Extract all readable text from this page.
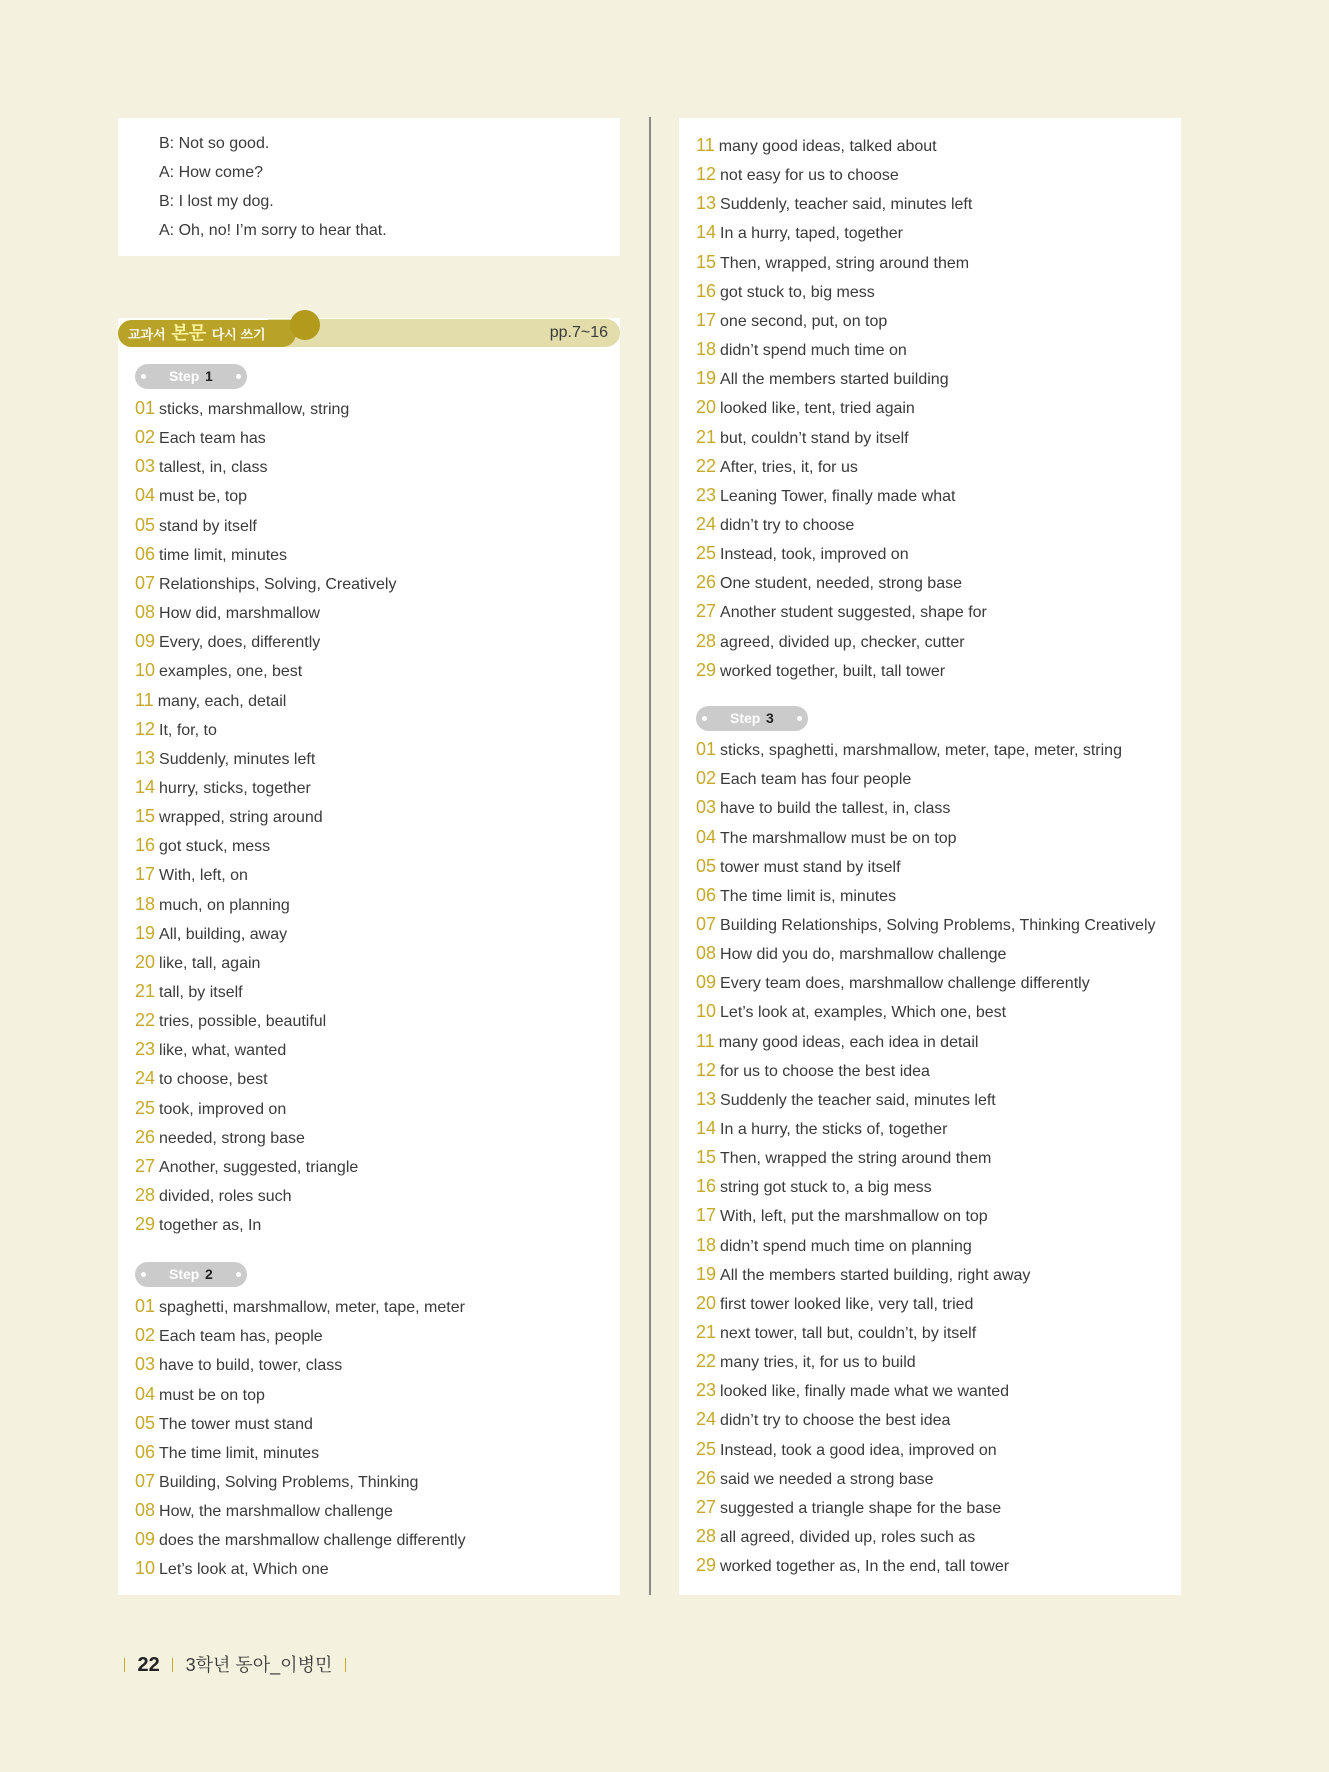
B: Not so good.
A: How come?
B: I lost my dog.
A: Oh, no! I’m sorry to hear that.
교과서 본문 다시 쓰기	pp.7~16
01 sticks, marshmallow, string
02 Each team has
03 tallest, in, class
04 must be, top
05 stand by itself
06 time limit, minutes
07 Relationships, Solving, Creatively
08 How did, marshmallow
09 Every, does, differently
10 examples, one, best
11 many, each, detail
12 It, for, to
13 Suddenly, minutes left
14 hurry, sticks, together
15 wrapped, string around
16 got stuck, mess
17 With, left, on
18 much, on planning
19 All, building, away
20 like, tall, again
21 tall, by itself
22 tries, possible, beautiful
23 like, what, wanted
24 to choose, best
25 took, improved on
26 needed, strong base
27 Another, suggested, triangle
28 divided, roles such
29 together as, In
01 spaghetti, marshmallow, meter, tape, meter
02 Each team has, people
03 have to build, tower, class
04 must be on top
05 The tower must stand
06 The time limit, minutes
07 Building, Solving Problems, Thinking
08 How, the marshmallow challenge
09 does the marshmallow challenge differently
10 Let’s look at, Which one
11 many good ideas, talked about
12 not easy for us to choose
13 Suddenly, teacher said, minutes left
14 In a hurry, taped, together
15 Then, wrapped, string around them
16 got stuck to, big mess
17 one second, put, on top
18 didn’t spend much time on
19 All the members started building
20 looked like, tent, tried again
21 but, couldn’t stand by itself
22 After, tries, it, for us
23 Leaning Tower, finally made what
24 didn’t try to choose
25 Instead, took, improved on
26 One student, needed, strong base
27 Another student suggested, shape for
28 agreed, divided up, checker, cutter
29 worked together, built, tall tower
01 sticks, spaghetti, marshmallow, meter, tape, meter, string
02 Each team has four people
03 have to build the tallest, in, class
04 The marshmallow must be on top
05 tower must stand by itself
06 The time limit is, minutes
07 Building Relationships, Solving Problems, Thinking Creatively
08 How did you do, marshmallow challenge
09 Every team does, marshmallow challenge differently
10 Let’s look at, examples, Which one, best
11 many good ideas, each idea in detail
12 for us to choose the best idea
13 Suddenly the teacher said, minutes left
14 In a hurry, the sticks of, together
15 Then, wrapped the string around them
16 string got stuck to, a big mess
17 With, left, put the marshmallow on top
18 didn’t spend much time on planning
19 All the members started building, right away
20 first tower looked like, very tall, tried
21 next tower, tall but, couldn’t, by itself
22 many tries, it, for us to build
23 looked like, finally made what we wanted
24 didn’t try to choose the best idea
25 Instead, took a good idea, improved on
26 said we needed a strong base
27 suggested a triangle shape for the base
28 all agreed, divided up, roles such as
29 worked together as, In the end, tall tower
Step 1
Step 2
Step 3
22 3학년 동아_이병민
